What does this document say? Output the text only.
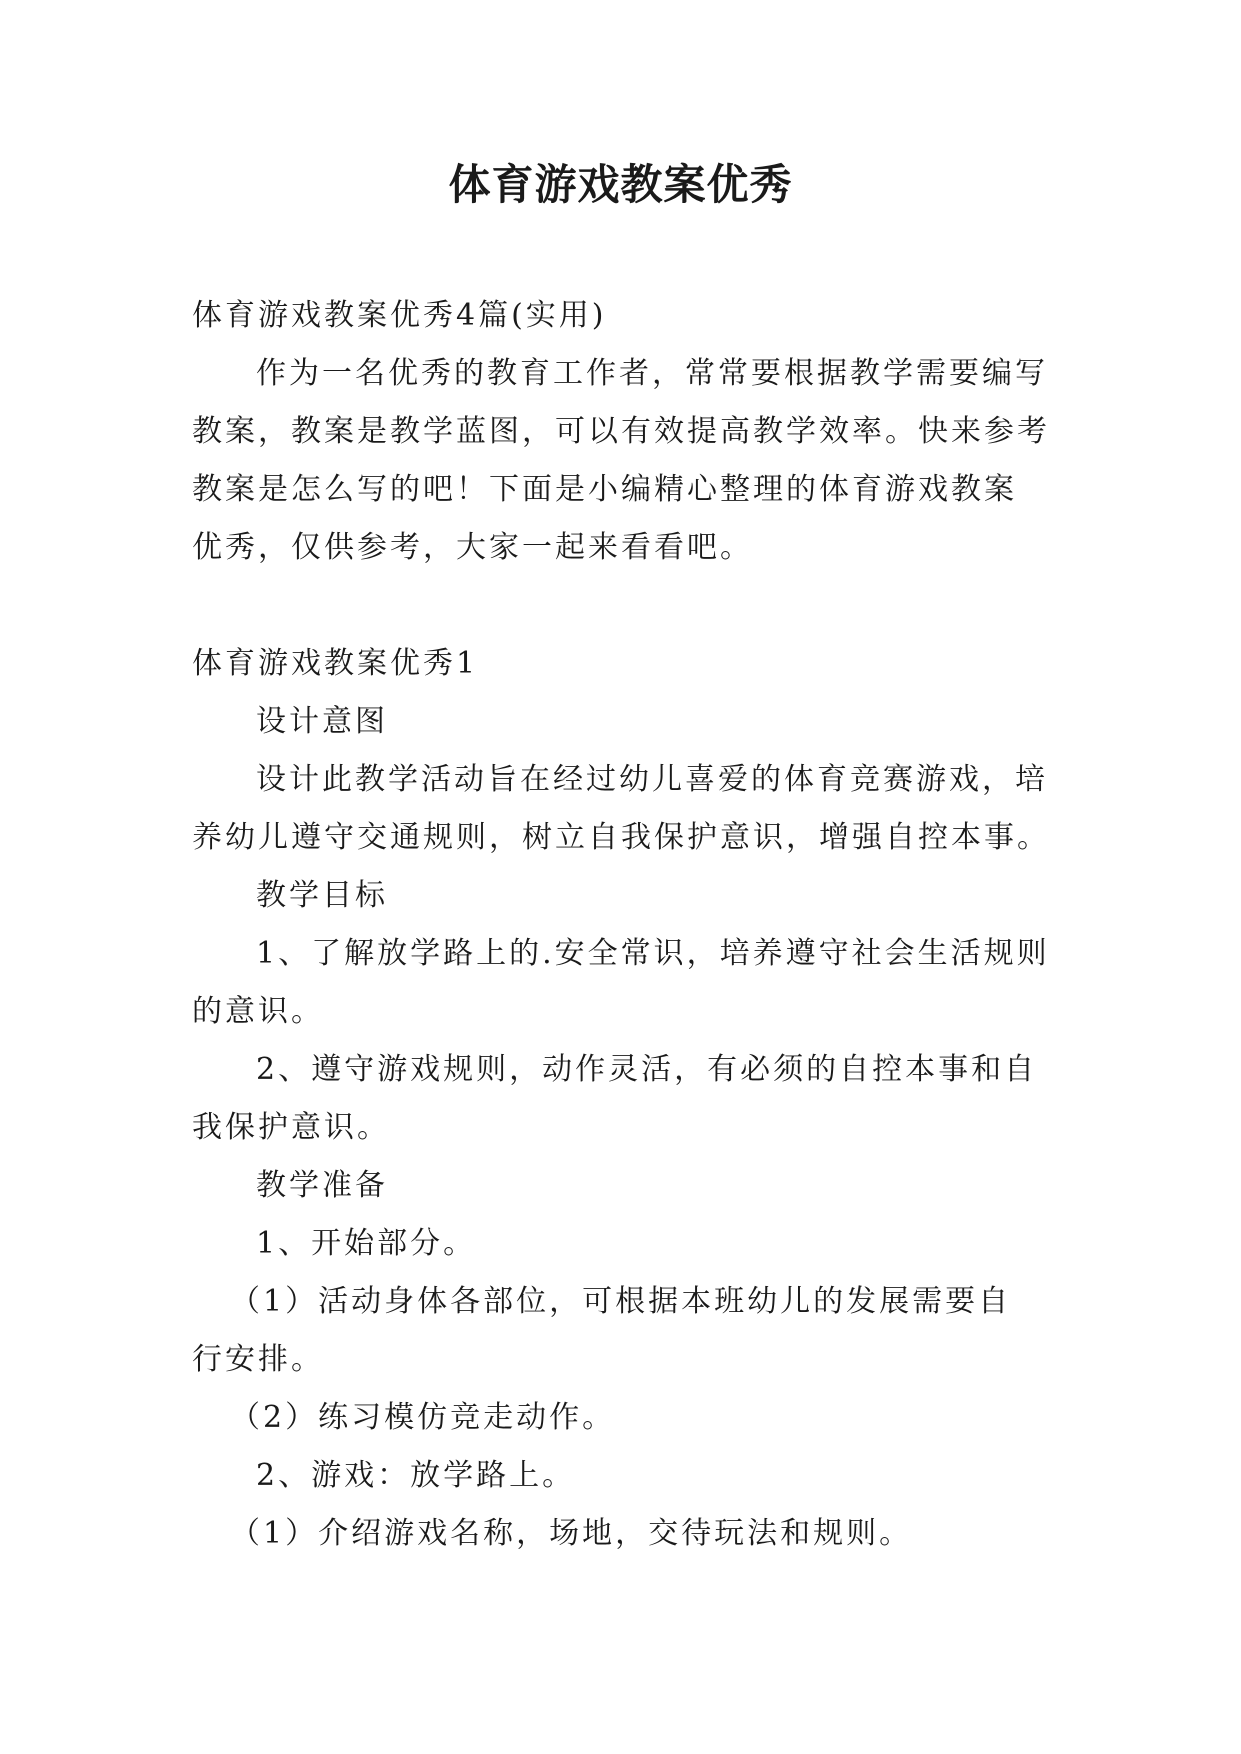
体育游戏教案优秀

体育游戏教案优秀4篇(实用)

作为一名优秀的教育工作者，常常要根据教学需要编写

教案，教案是教学蓝图，可以有效提高教学效率。快来参考

教案是怎么写的吧！下面是小编精心整理的体育游戏教案

优秀，仅供参考，大家一起来看看吧。

体育游戏教案优秀1

设计意图

设计此教学活动旨在经过幼儿喜爱的体育竞赛游戏，培

养幼儿遵守交通规则，树立自我保护意识，增强自控本事。

教学目标

1、了解放学路上的.安全常识，培养遵守社会生活规则

的意识。

2、遵守游戏规则，动作灵活，有必须的自控本事和自

我保护意识。

教学准备

1、开始部分。

（1）活动身体各部位，可根据本班幼儿的发展需要自

行安排。

（2）练习模仿竞走动作。

2、游戏：放学路上。

（1）介绍游戏名称，场地，交待玩法和规则。
